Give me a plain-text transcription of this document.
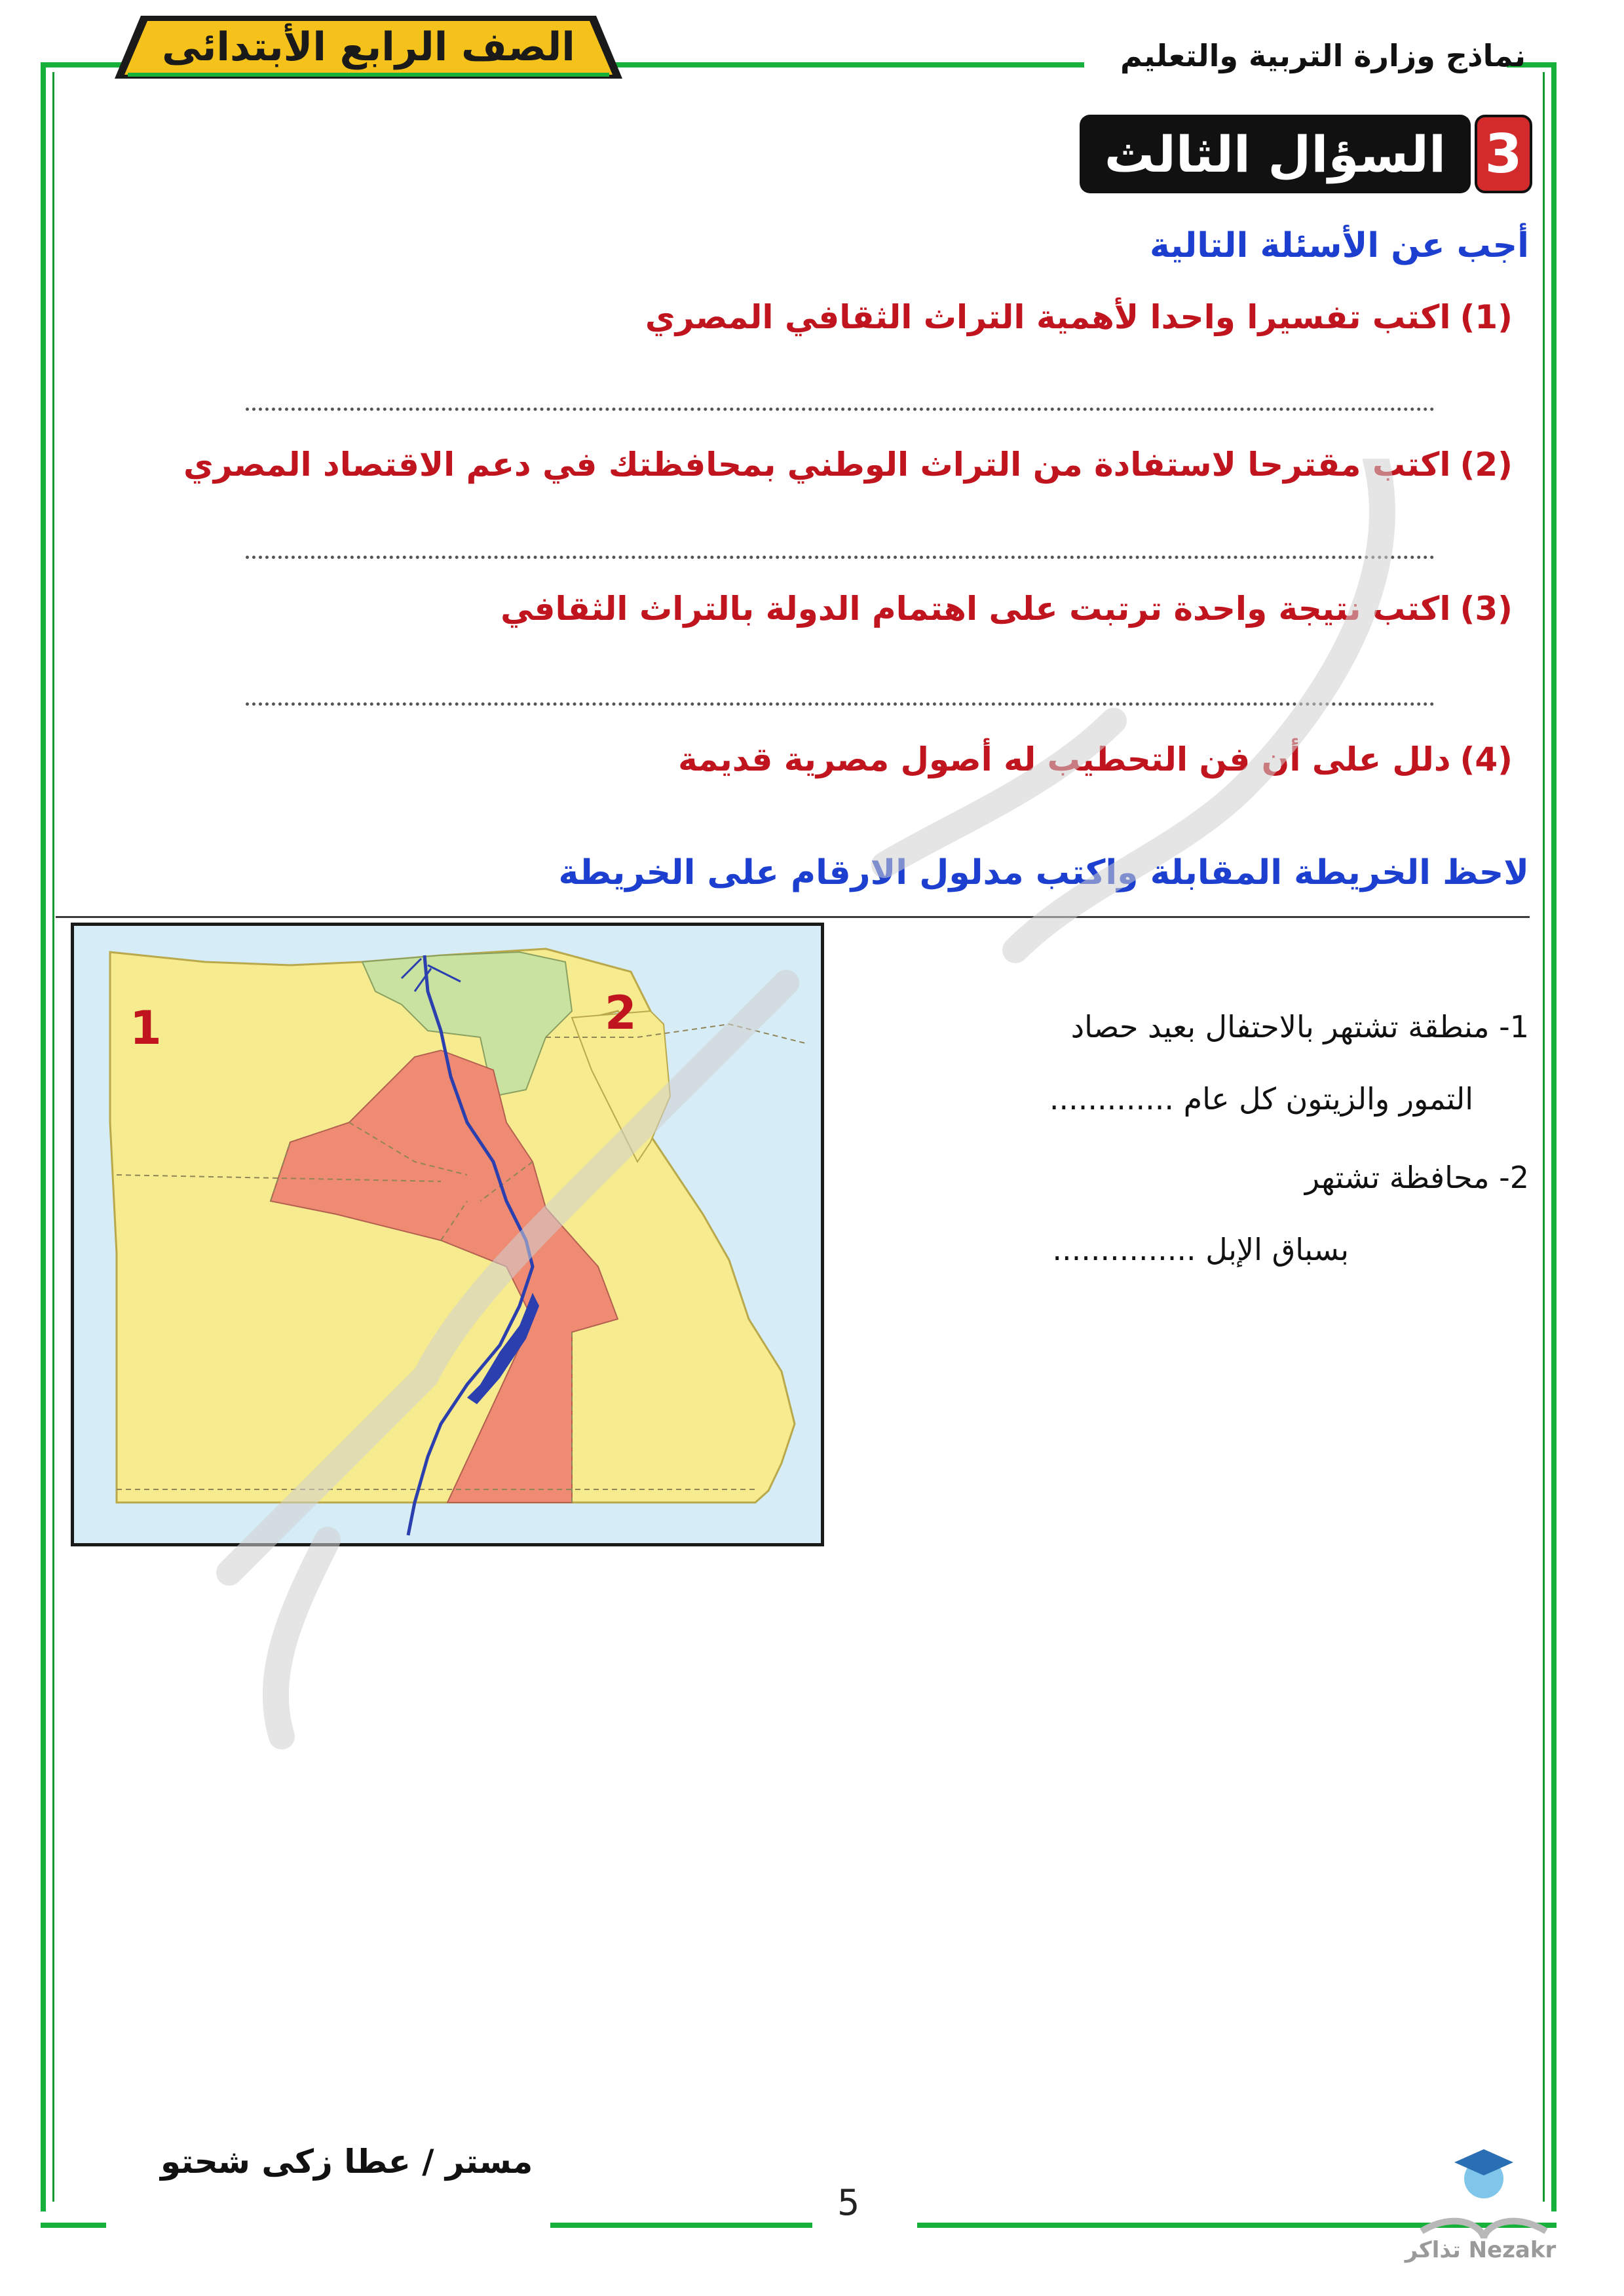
الصف الرابع الأبتدائى	نماذج وزارة التربية والتعليم
3
السؤال الثالث
أجب عن الأسئلة التالية
(1)اكتب تفسيرا واحدا لأهمية التراث الثقافي المصري
(2)اكتب مقترحا لاستفادة من التراث الوطني بمحافظتك في دعم الاقتصاد المصري
(3)اكتب نتيجة واحدة ترتبت على اهتمام الدولة بالتراث الثقافي
(4)دلل على أن فن التحطيب له أصول مصرية قديمة
لاحظ الخريطة المقابلة واكتب مدلول الارقام على الخريطة
1	2	1- منطقة تشتهر بالاحتفال بعيد حصاد
التمور والزيتون كل عام .............
2- محافظة تشتهر
بسباق الإبل ...............
مستر / عطا زكى شحتو
5
Nezakr تذاكر
